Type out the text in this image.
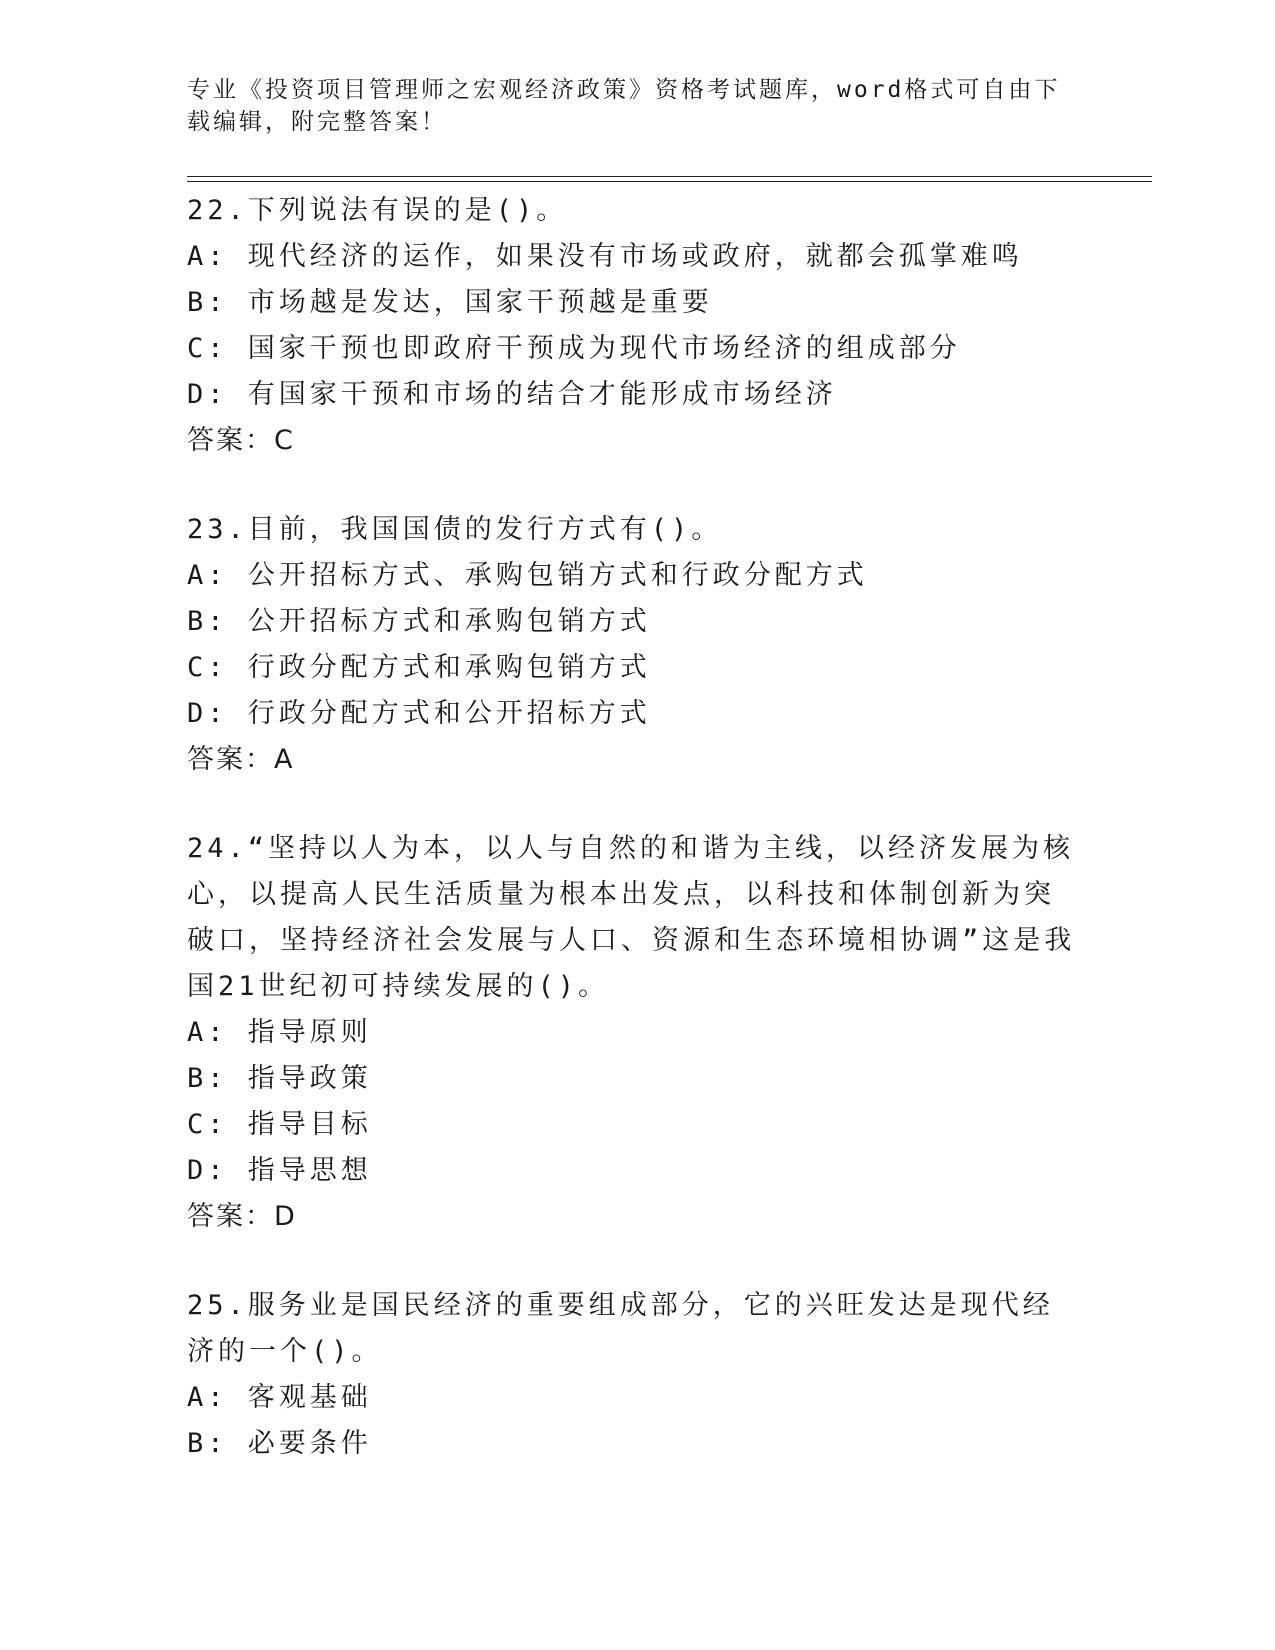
专业《投资项目管理师之宏观经济政策》资格考试题库，word格式可自由下载编辑，附完整答案！
22.下列说法有误的是()。
A: 现代经济的运作，如果没有市场或政府，就都会孤掌难鸣
B: 市场越是发达，国家干预越是重要
C: 国家干预也即政府干预成为现代市场经济的组成部分
D: 有国家干预和市场的结合才能形成市场经济
答案：C
23.目前，我国国债的发行方式有()。
A: 公开招标方式、承购包销方式和行政分配方式
B: 公开招标方式和承购包销方式
C: 行政分配方式和承购包销方式
D: 行政分配方式和公开招标方式
答案：A
24.“坚持以人为本，以人与自然的和谐为主线，以经济发展为核心，以提高人民生活质量为根本出发点，以科技和体制创新为突破口，坚持经济社会发展与人口、资源和生态环境相协调”这是我国21世纪初可持续发展的()。
A: 指导原则
B: 指导政策
C: 指导目标
D: 指导思想
答案：D
25.服务业是国民经济的重要组成部分，它的兴旺发达是现代经济的一个()。
A: 客观基础
B: 必要条件
